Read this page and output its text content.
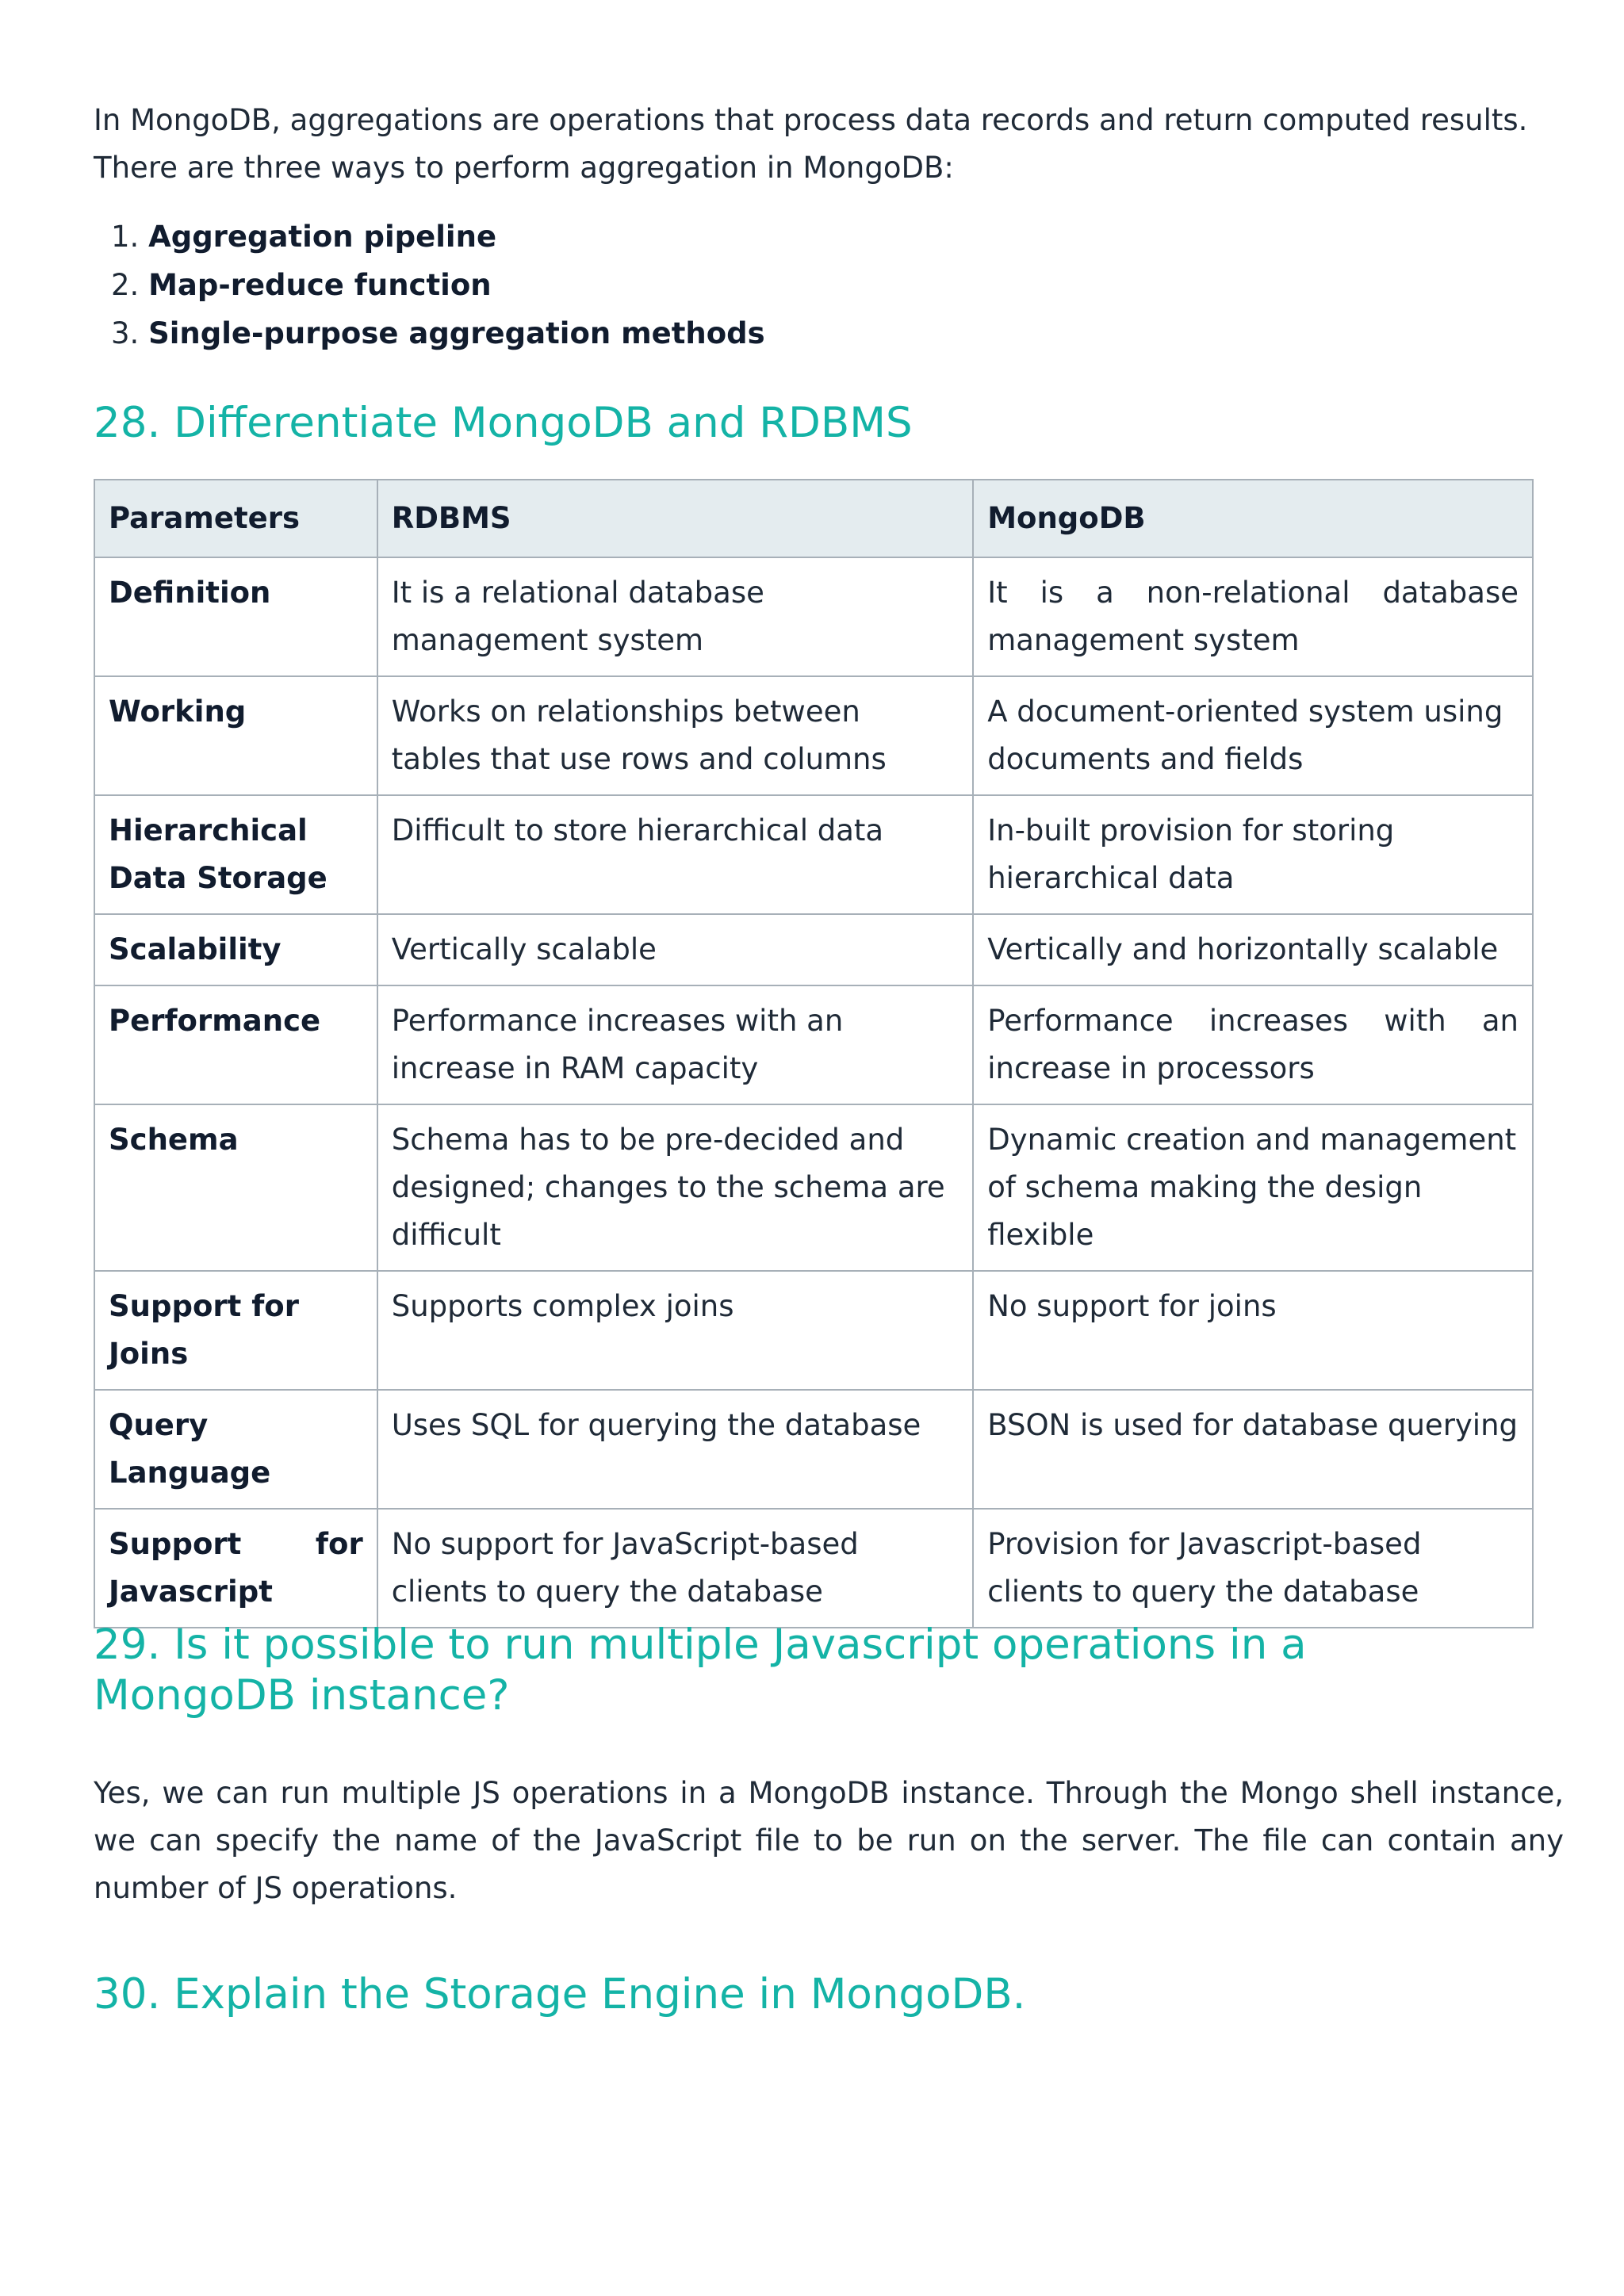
In MongoDB, aggregations are operations that process data records and return computed results. There are three ways to perform aggregation in MongoDB:

1. Aggregation pipeline
2. Map-reduce function
3. Single-purpose aggregation methods
28. Differentiate MongoDB and RDBMS
Parameters	RDBMS	MongoDB
Definition	It is a relational database management system	It is a non-relational database management system
Working	Works on relationships between tables that use rows and columns	A document-oriented system using documents and fields
Hierarchical Data Storage	Difficult to store hierarchical data	In-built provision for storing hierarchical data
Scalability	Vertically scalable	Vertically and horizontally scalable
Performance	Performance increases with an increase in RAM capacity	Performance increases with an increase in processors
Schema	Schema has to be pre-decided and designed; changes to the schema are difficult	Dynamic creation and management of schema making the design flexible
Support for Joins	Supports complex joins	No support for joins
Query Language	Uses SQL for querying the database	BSON is used for database querying
Support for Javascript	No support for JavaScript-based clients to query the database	Provision for Javascript-based clients to query the database
29. Is it possible to run multiple Javascript operations in a MongoDB instance?

Yes, we can run multiple JS operations in a MongoDB instance. Through the Mongo shell instance, we can specify the name of the JavaScript file to be run on the server. The file can contain any number of JS operations.

30. Explain the Storage Engine in MongoDB.
